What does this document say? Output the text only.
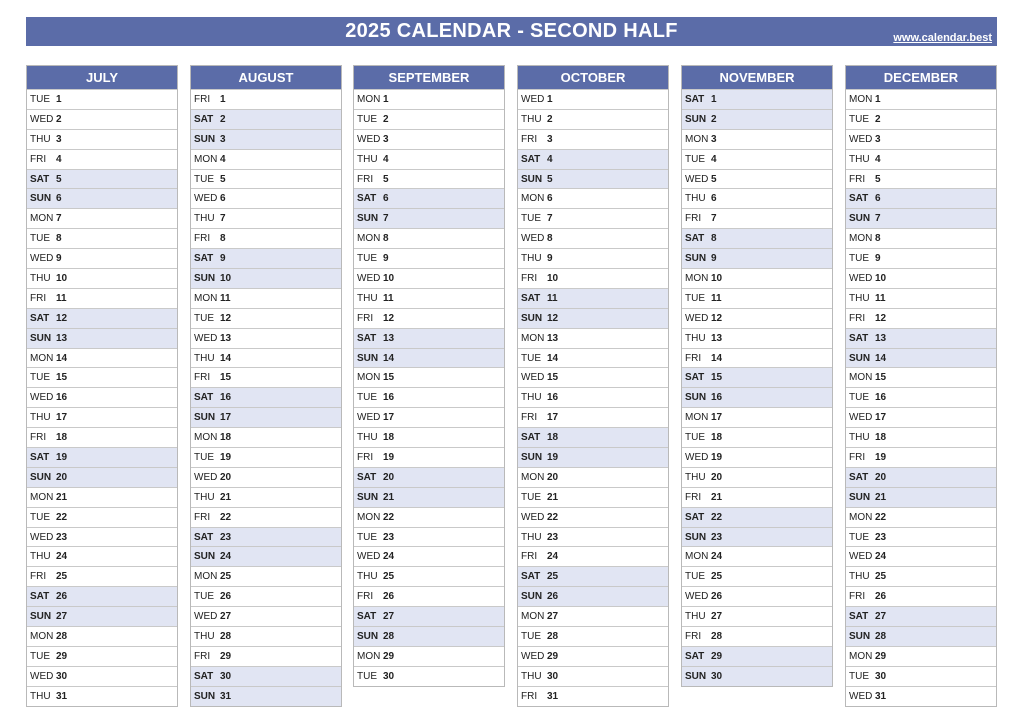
2025 CALENDAR - SECOND HALF	www.calendar.best
JULY
TUE 1
WED 2
THU 3
FRI 4
SAT 5
SUN 6
MON 7
TUE 8
WED 9
THU 10
FRI 11
SAT 12
SUN 13
MON 14
TUE 15
WED 16
THU 17
FRI 18
SAT 19
SUN 20
MON 21
TUE 22
WED 23
THU 24
FRI 25
SAT 26
SUN 27
MON 28
TUE 29
WED 30
THU 31
AUGUST
FRI 1
SAT 2
SUN 3
MON 4
TUE 5
WED 6
THU 7
FRI 8
SAT 9
SUN 10
MON 11
TUE 12
WED 13
THU 14
FRI 15
SAT 16
SUN 17
MON 18
TUE 19
WED 20
THU 21
FRI 22
SAT 23
SUN 24
MON 25
TUE 26
WED 27
THU 28
FRI 29
SAT 30
SUN 31
SEPTEMBER
MON 1
TUE 2
WED 3
THU 4
FRI 5
SAT 6
SUN 7
MON 8
TUE 9
WED 10
THU 11
FRI 12
SAT 13
SUN 14
MON 15
TUE 16
WED 17
THU 18
FRI 19
SAT 20
SUN 21
MON 22
TUE 23
WED 24
THU 25
FRI 26
SAT 27
SUN 28
MON 29
TUE 30
OCTOBER
WED 1
THU 2
FRI 3
SAT 4
SUN 5
MON 6
TUE 7
WED 8
THU 9
FRI 10
SAT 11
SUN 12
MON 13
TUE 14
WED 15
THU 16
FRI 17
SAT 18
SUN 19
MON 20
TUE 21
WED 22
THU 23
FRI 24
SAT 25
SUN 26
MON 27
TUE 28
WED 29
THU 30
FRI 31
NOVEMBER
SAT 1
SUN 2
MON 3
TUE 4
WED 5
THU 6
FRI 7
SAT 8
SUN 9
MON 10
TUE 11
WED 12
THU 13
FRI 14
SAT 15
SUN 16
MON 17
TUE 18
WED 19
THU 20
FRI 21
SAT 22
SUN 23
MON 24
TUE 25
WED 26
THU 27
FRI 28
SAT 29
SUN 30
DECEMBER
MON 1
TUE 2
WED 3
THU 4
FRI 5
SAT 6
SUN 7
MON 8
TUE 9
WED 10
THU 11
FRI 12
SAT 13
SUN 14
MON 15
TUE 16
WED 17
THU 18
FRI 19
SAT 20
SUN 21
MON 22
TUE 23
WED 24
THU 25
FRI 26
SAT 27
SUN 28
MON 29
TUE 30
WED 31
